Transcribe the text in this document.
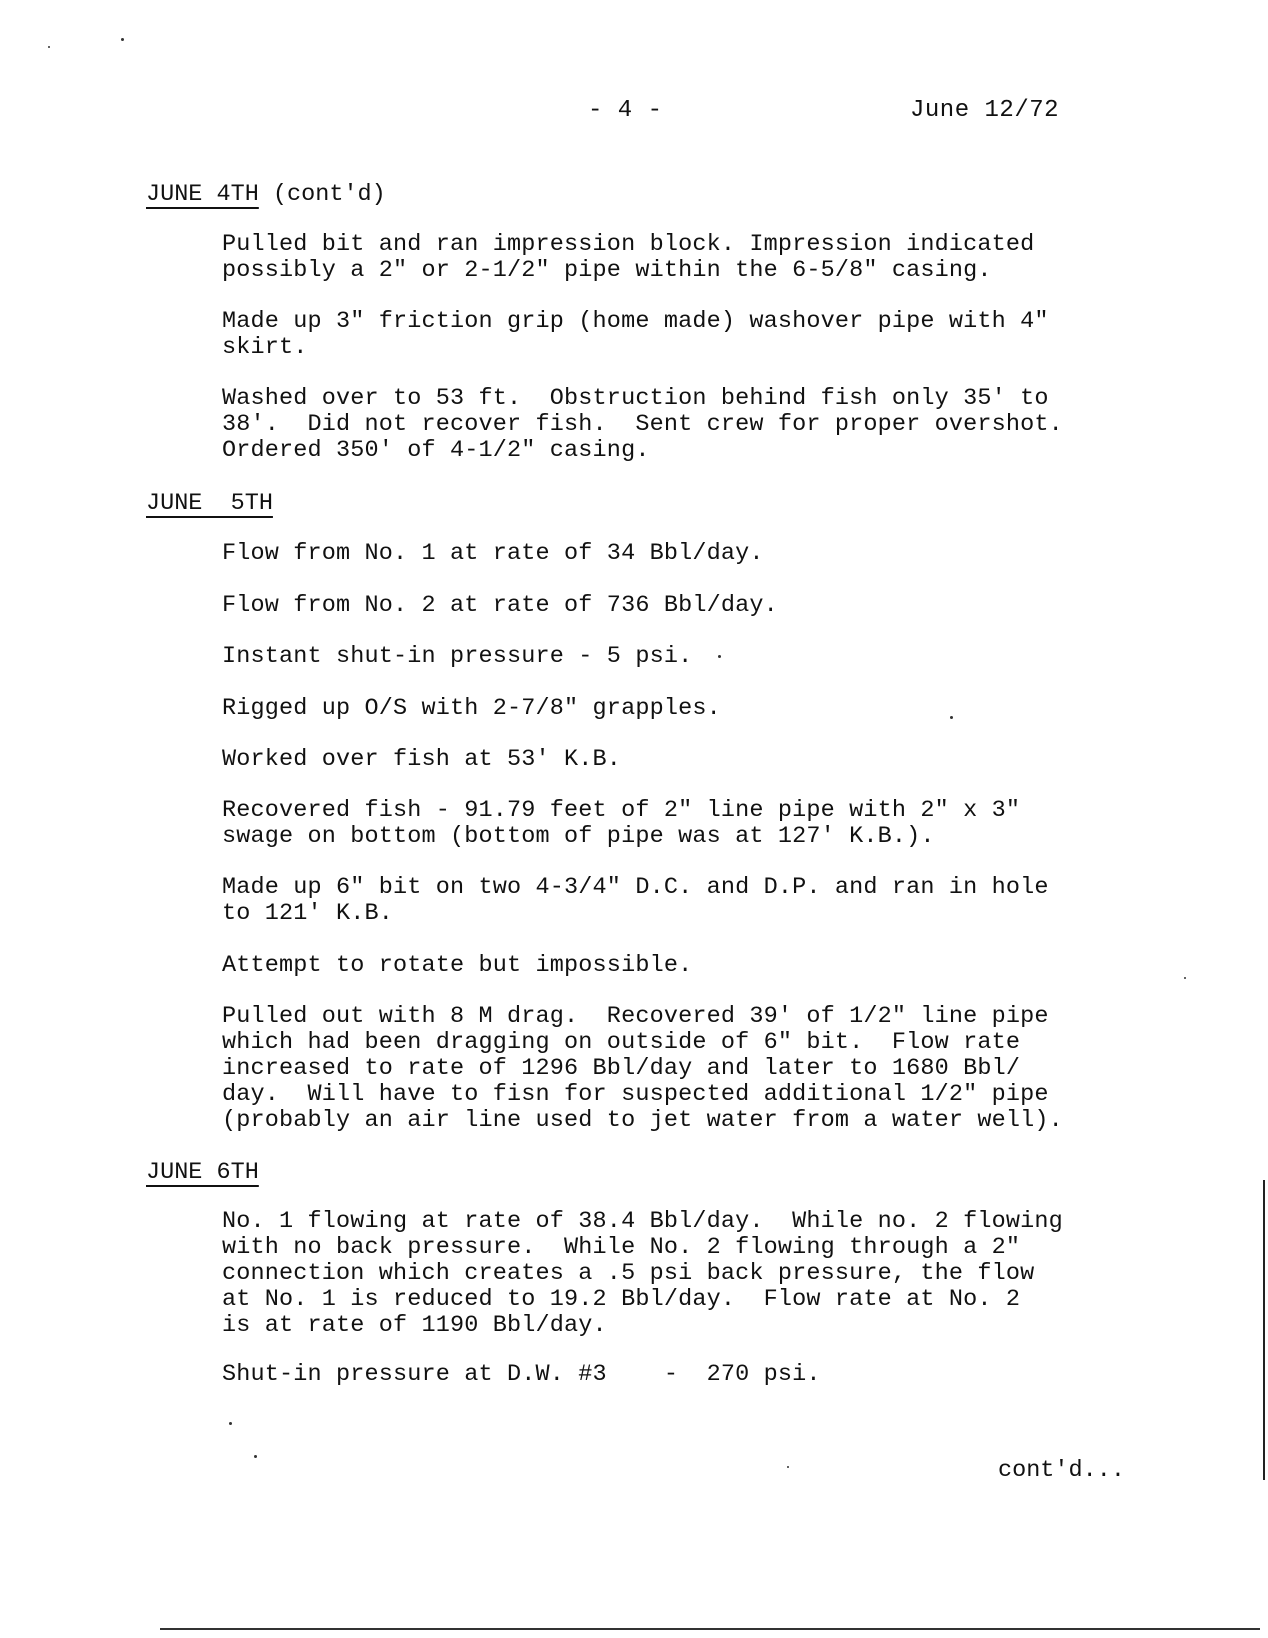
- 4 -	June 12/72
JUNE 4TH (cont'd)
Pulled bit and ran impression block. Impression indicated
possibly a 2" or 2-1/2" pipe within the 6-5/8" casing.
Made up 3" friction grip (home made) washover pipe with 4"
skirt.
Washed over to 53 ft.  Obstruction behind fish only 35' to
38'.  Did not recover fish.  Sent crew for proper overshot.
Ordered 350' of 4-1/2" casing.
JUNE  5TH
Flow from No. 1 at rate of 34 Bbl/day.
Flow from No. 2 at rate of 736 Bbl/day.
Instant shut-in pressure - 5 psi.
Rigged up O/S with 2-7/8" grapples.
Worked over fish at 53' K.B.
Recovered fish - 91.79 feet of 2" line pipe with 2" x 3"
swage on bottom (bottom of pipe was at 127' K.B.).
Made up 6" bit on two 4-3/4" D.C. and D.P. and ran in hole
to 121' K.B.
Attempt to rotate but impossible.
Pulled out with 8 M drag.  Recovered 39' of 1/2" line pipe
which had been dragging on outside of 6" bit.  Flow rate
increased to rate of 1296 Bbl/day and later to 1680 Bbl/
day.  Will have to fisn for suspected additional 1/2" pipe
(probably an air line used to jet water from a water well).
JUNE 6TH
No. 1 flowing at rate of 38.4 Bbl/day.  While no. 2 flowing
with no back pressure.  While No. 2 flowing through a 2"
connection which creates a .5 psi back pressure, the flow
at No. 1 is reduced to 19.2 Bbl/day.  Flow rate at No. 2
is at rate of 1190 Bbl/day.
Shut-in pressure at D.W. #3    -  270 psi.
cont'd...
